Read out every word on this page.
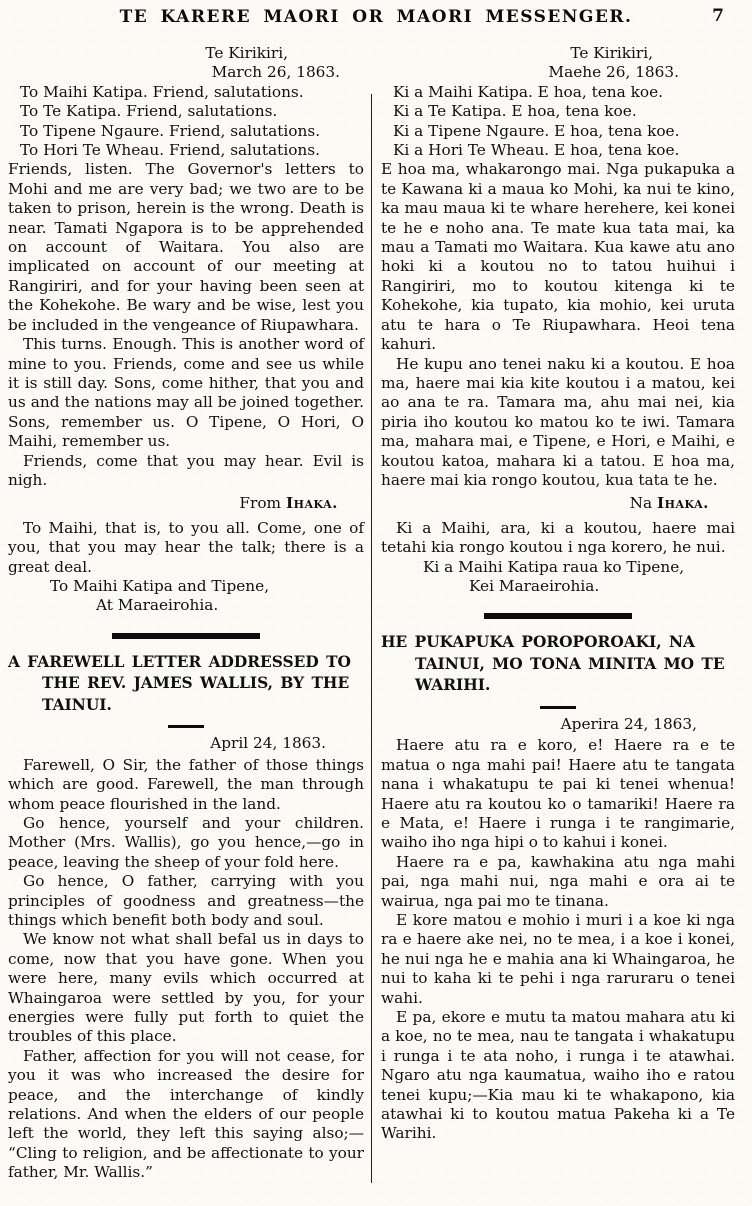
TE KARERE MAORI OR MAORI MESSENGER.	7
Te Kirikiri,
March 26, 1863.
To Maihi Katipa. Friend, salutations.
To Te Katipa. Friend, salutations.
To Tipene Ngaure. Friend, salutations.
To Hori Te Wheau. Friend, salutations.

Friends, listen. The Governor's letters to Mohi and me are very bad; we two are to be taken to prison, herein is the wrong. Death is near. Tamati Ngapora is to be apprehended on account of Waitara. You also are implicated on account of our meeting at Rangiriri, and for your having been seen at the Kohekohe. Be wary and be wise, lest you be included in the vengeance of Riupawhara.

This turns. Enough. This is another word of mine to you. Friends, come and see us while it is still day. Sons, come hither, that you and us and the nations may all be joined together. Sons, remember us. O Tipene, O Hori, O Maihi, remember us.

Friends, come that you may hear. Evil is nigh.

From Ihaka.

To Maihi, that is, to you all. Come, one of you, that you may hear the talk; there is a great deal.

To Maihi Katipa and Tipene,
At Maraeirohia.
A FAREWELL LETTER ADDRESSED TO THE REV. JAMES WALLIS, BY THE TAINUI.
April 24, 1863.

Farewell, O Sir, the father of those things which are good. Farewell, the man through whom peace flourished in the land.

Go hence, yourself and your children. Mother (Mrs. Wallis), go you hence,—go in peace, leaving the sheep of your fold here.

Go hence, O father, carrying with you principles of goodness and greatness—the things which benefit both body and soul.

We know not what shall befal us in days to come, now that you have gone. When you were here, many evils which occurred at Whaingaroa were settled by you, for your energies were fully put forth to quiet the troubles of this place.

Father, affection for you will not cease, for you it was who increased the desire for peace, and the interchange of kindly relations. And when the elders of our people left the world, they left this saying also;— “Cling to religion, and be affectionate to your father, Mr. Wallis.”

Te Kirikiri,
Maehe 26, 1863.
Ki a Maihi Katipa. E hoa, tena koe.
Ki a Te Katipa. E hoa, tena koe.
Ki a Tipene Ngaure. E hoa, tena koe.
Ki a Hori Te Wheau. E hoa, tena koe.

E hoa ma, whakarongo mai. Nga pukapuka a te Kawana ki a maua ko Mohi, ka nui te kino, ka mau maua ki te whare herehere, kei konei te he e noho ana. Te mate kua tata mai, ka mau a Tamati mo Waitara. Kua kawe atu ano hoki ki a koutou no to tatou huihui i Rangiriri, mo to koutou kitenga ki te Kohekohe, kia tupato, kia mohio, kei uruta atu te hara o Te Riupawhara. Heoi tena kahuri.

He kupu ano tenei naku ki a koutou. E hoa ma, haere mai kia kite koutou i a matou, kei ao ana te ra. Tamara ma, ahu mai nei, kia piria iho koutou ko matou ko te iwi. Tamara ma, mahara mai, e Tipene, e Hori, e Maihi, e koutou katoa, mahara ki a tatou. E hoa ma, haere mai kia rongo koutou, kua tata te he.

Na Ihaka.

Ki a Maihi, ara, ki a koutou, haere mai tetahi kia rongo koutou i nga korero, he nui.

Ki a Maihi Katipa raua ko Tipene,
Kei Maraeirohia.
HE PUKAPUKA POROPOROAKI, NA TAINUI, MO TONA MINITA MO TE WARIHI.
Aperira 24, 1863,

Haere atu ra e koro, e! Haere ra e te matua o nga mahi pai! Haere atu te tangata nana i whakatupu te pai ki tenei whenua! Haere atu ra koutou ko o tamariki! Haere ra e Mata, e! Haere i runga i te rangimarie, waiho iho nga hipi o to kahui i konei.

Haere ra e pa, kawhakina atu nga mahi pai, nga mahi nui, nga mahi e ora ai te wairua, nga pai mo te tinana.

E kore matou e mohio i muri i a koe ki nga ra e haere ake nei, no te mea, i a koe i konei, he nui nga he e mahia ana ki Whaingaroa, he nui to kaha ki te pehi i nga raruraru o tenei wahi.

E pa, ekore e mutu ta matou mahara atu ki a koe, no te mea, nau te tangata i whakatupu i runga i te ata noho, i runga i te atawhai. Ngaro atu nga kaumatua, waiho iho e ratou tenei kupu;—Kia mau ki te whakapono, kia atawhai ki to koutou matua Pakeha ki a Te Warihi.
